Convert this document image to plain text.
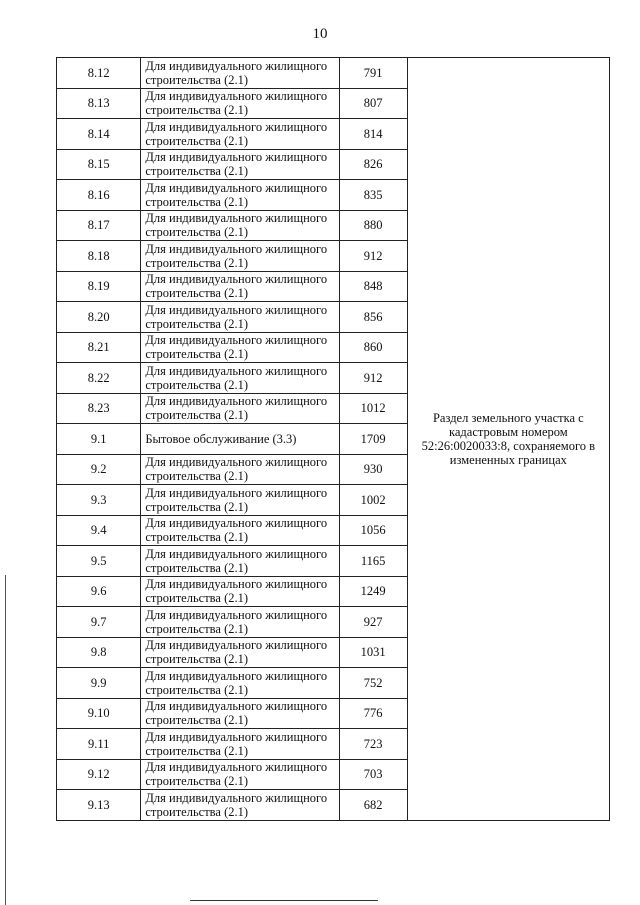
10
8.12	Для индивидуального жилищного строительства (2.1)	791	Раздел земельного участка с кадастровым номером 52:26:0020033:8, сохраняемого в измененных границах
8.13	Для индивидуального жилищного строительства (2.1)	807	
8.14	Для индивидуального жилищного строительства (2.1)	814	
8.15	Для индивидуального жилищного строительства (2.1)	826	
8.16	Для индивидуального жилищного строительства (2.1)	835	
8.17	Для индивидуального жилищного строительства (2.1)	880	
8.18	Для индивидуального жилищного строительства (2.1)	912	
8.19	Для индивидуального жилищного строительства (2.1)	848	
8.20	Для индивидуального жилищного строительства (2.1)	856	
8.21	Для индивидуального жилищного строительства (2.1)	860	
8.22	Для индивидуального жилищного строительства (2.1)	912	
8.23	Для индивидуального жилищного строительства (2.1)	1012	
9.1	Бытовое обслуживание (3.3)	1709	
9.2	Для индивидуального жилищного строительства (2.1)	930	
9.3	Для индивидуального жилищного строительства (2.1)	1002	
9.4	Для индивидуального жилищного строительства (2.1)	1056	
9.5	Для индивидуального жилищного строительства (2.1)	1165	
9.6	Для индивидуального жилищного строительства (2.1)	1249	
9.7	Для индивидуального жилищного строительства (2.1)	927	
9.8	Для индивидуального жилищного строительства (2.1)	1031	
9.9	Для индивидуального жилищного строительства (2.1)	752	
9.10	Для индивидуального жилищного строительства (2.1)	776	
9.11	Для индивидуального жилищного строительства (2.1)	723	
9.12	Для индивидуального жилищного строительства (2.1)	703	
9.13	Для индивидуального жилищного строительства (2.1)	682	
